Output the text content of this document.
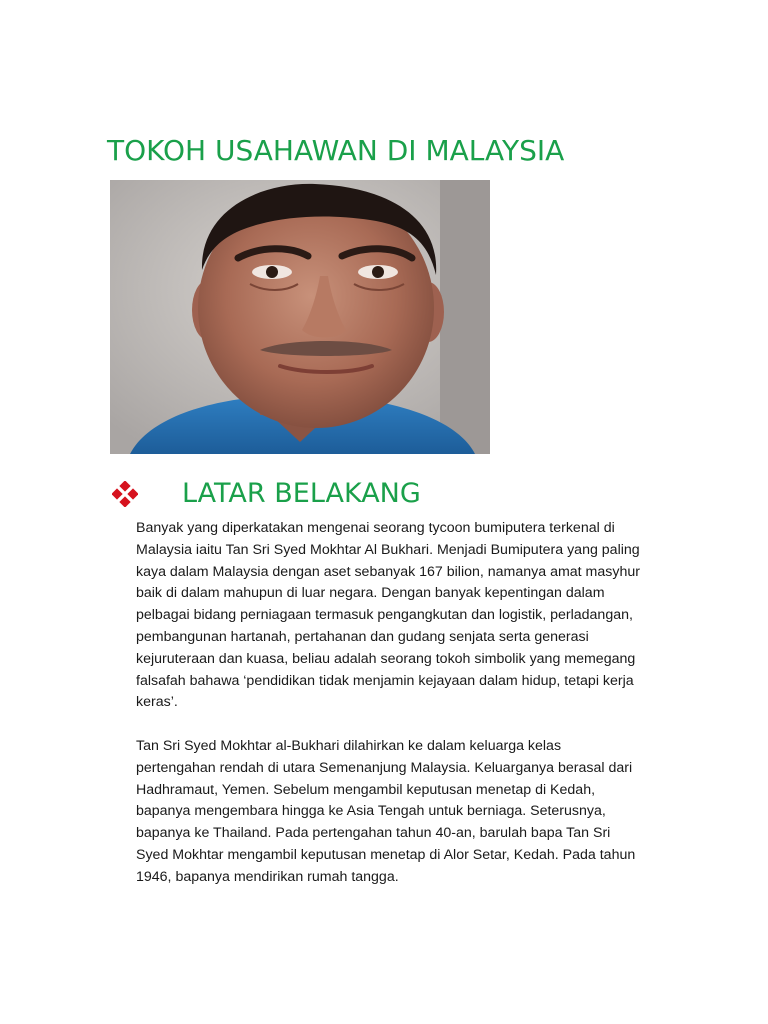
TOKOH USAHAWAN DI MALAYSIA
LATAR BELAKANG

Banyak yang diperkatakan mengenai seorang tycoon bumiputera terkenal di
Malaysia iaitu Tan Sri Syed Mokhtar Al Bukhari. Menjadi Bumiputera yang paling
kaya dalam Malaysia dengan aset sebanyak 167 bilion, namanya amat masyhur
baik di dalam mahupun di luar negara. Dengan banyak kepentingan dalam
pelbagai bidang perniagaan termasuk pengangkutan dan logistik, perladangan,
pembangunan hartanah, pertahanan dan gudang senjata serta generasi
kejuruteraan dan kuasa, beliau adalah seorang tokoh simbolik yang memegang
falsafah bahawa ‘pendidikan tidak menjamin kejayaan dalam hidup, tetapi kerja
keras’.

Tan Sri Syed Mokhtar al-Bukhari dilahirkan ke dalam keluarga kelas
pertengahan rendah di utara Semenanjung Malaysia. Keluarganya berasal dari
Hadhramaut, Yemen. Sebelum mengambil keputusan menetap di Kedah,
bapanya mengembara hingga ke Asia Tengah untuk berniaga. Seterusnya,
bapanya ke Thailand. Pada pertengahan tahun 40-an, barulah bapa Tan Sri
Syed Mokhtar mengambil keputusan menetap di Alor Setar, Kedah. Pada tahun
1946, bapanya mendirikan rumah tangga.
